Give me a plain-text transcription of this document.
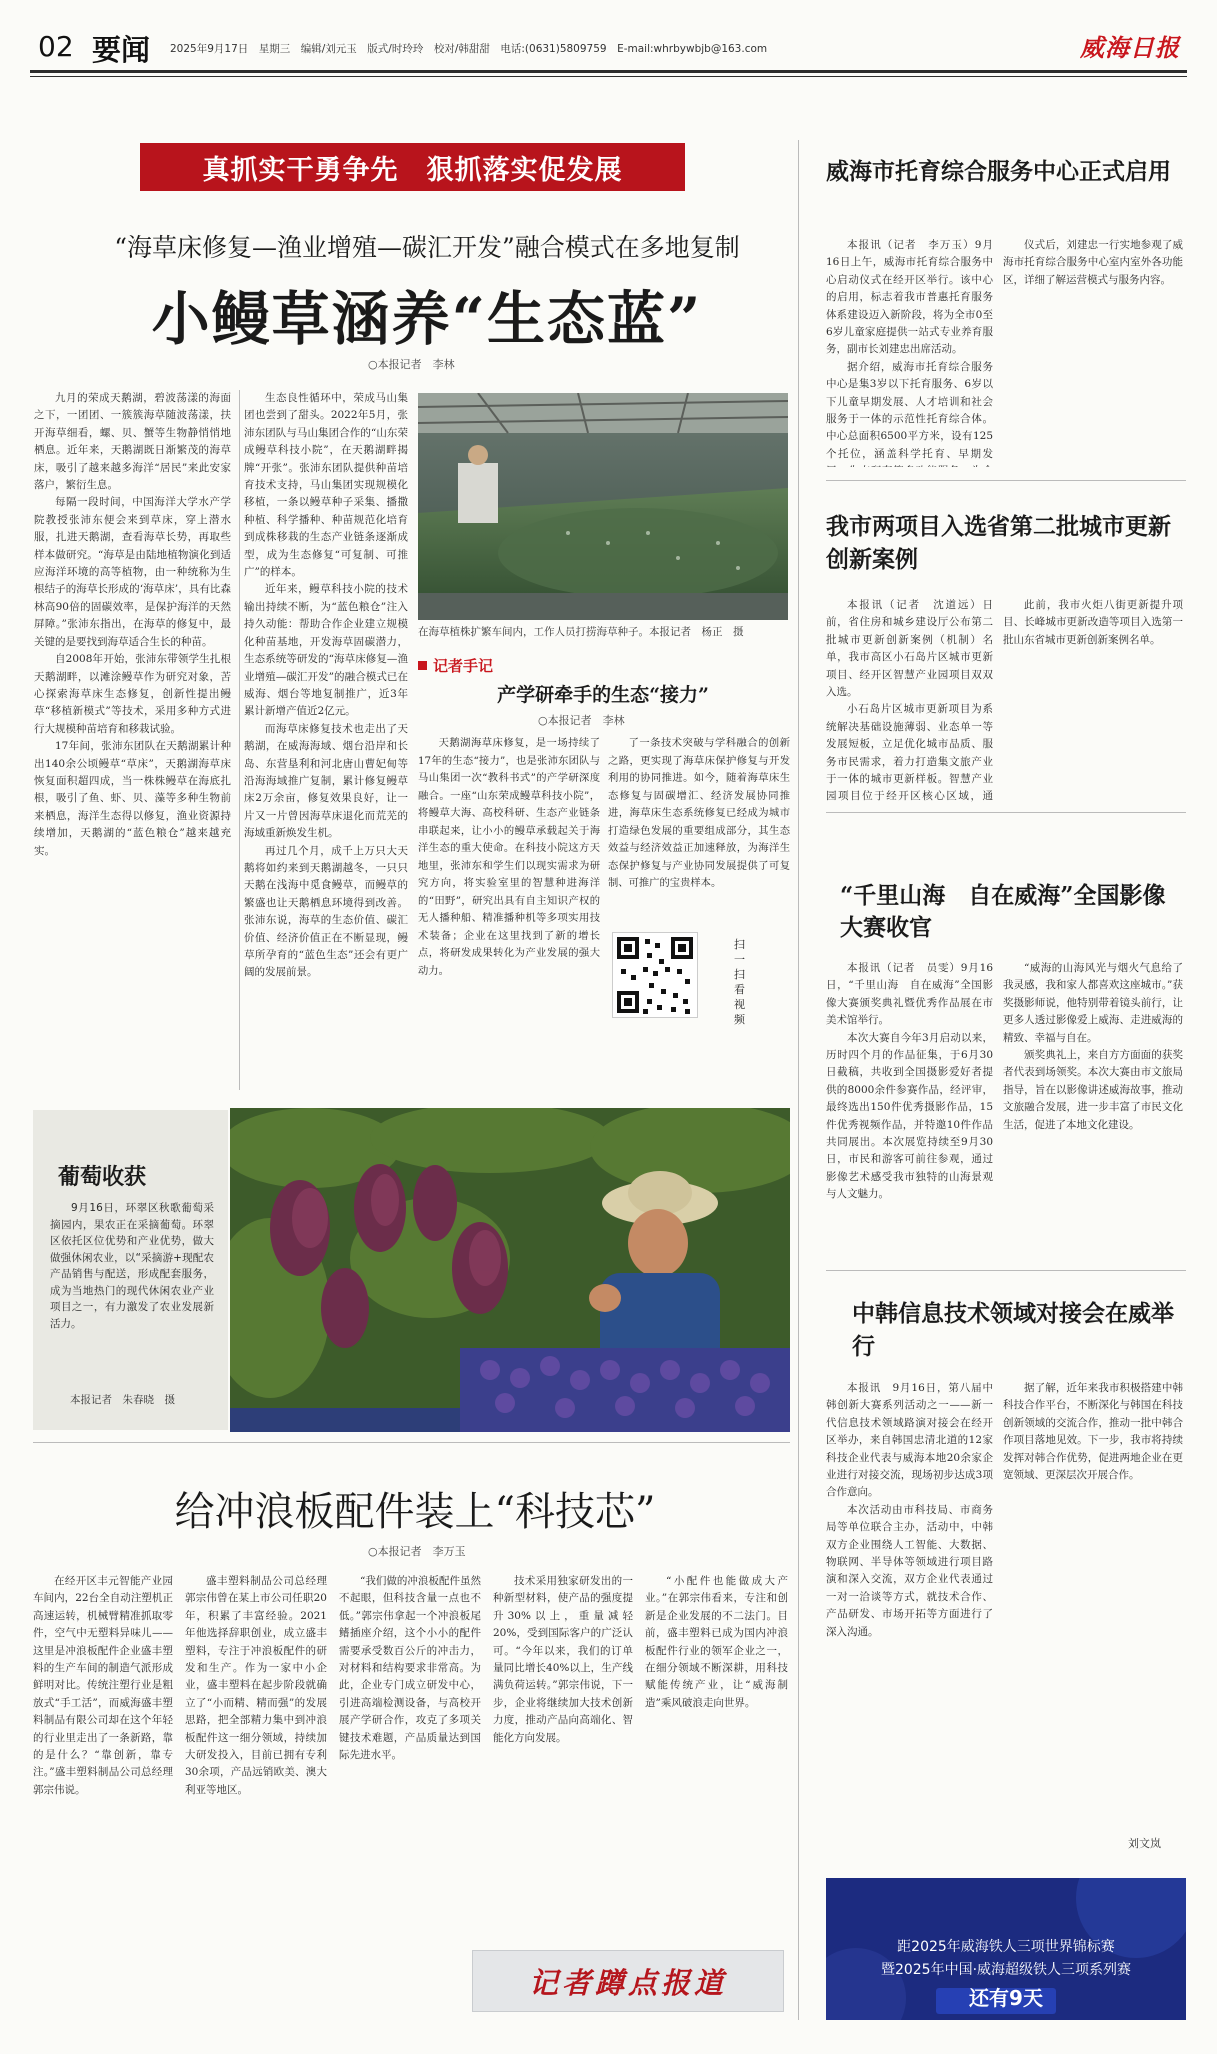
02 要闻 2025年9月17日　星期三　编辑/刘元玉　版式/时玲玲　校对/韩甜甜　电话:(0631)5809759　E-mail:whrbywbjb@163.com	威海日报
真抓实干勇争先　狠抓落实促发展
“海草床修复—渔业增殖—碳汇开发”融合模式在多地复制
小鳗草涵养“生态蓝”
○本报记者　李林

九月的荣成天鹅湖，碧波荡漾的海面之下，一团团、一簇簇海草随波荡漾，扶开海草细看，螺、贝、蟹等生物静悄悄地栖息。近年来，天鹅湖既日渐繁茂的海草床，吸引了越来越多海洋“居民”来此安家落户，繁衍生息。

每隔一段时间，中国海洋大学水产学院教授张沛东便会来到草床，穿上潜水服，扎进天鹅湖，查看海草长势，再取些样本做研究。“海草是由陆地植物演化到适应海洋环境的高等植物，由一种统称为生根结子的海草长形成的‘海草床’，具有比森林高90倍的固碳效率，是保护海洋的天然屏障。”张沛东指出，在海草的修复中，最关键的是要找到海草适合生长的种苗。

自2008年开始，张沛东带领学生扎根天鹅湖畔，以滩涂鳗草作为研究对象，苦心探索海草床生态修复，创新性提出鳗草“移植新模式”等技术，采用多种方式进行大规模种苗培育和移栽试验。

17年间，张沛东团队在天鹅湖累计种出140余公顷鳗草“草床”，天鹅湖海草床恢复面积超四成，当一株株鳗草在海底扎根，吸引了鱼、虾、贝、藻等多种生物前来栖息，海洋生态得以修复，渔业资源持续增加，天鹅湖的“蓝色粮仓”越来越充实。

生态良性循环中，荣成马山集团也尝到了甜头。2022年5月，张沛东团队与马山集团合作的“山东荣成鳗草科技小院”，在天鹅湖畔揭牌“开张”。张沛东团队提供种苗培育技术支持，马山集团实现规模化移植，一条以鳗草种子采集、播撒种植、科学播种、种苗规范化培育到成株移栽的生态产业链条逐渐成型，成为生态修复“可复制、可推广”的样本。

近年来，鳗草科技小院的技术输出持续不断，为“蓝色粮仓”注入持久动能：帮助合作企业建立规模化种苗基地，开发海草固碳潜力，生态系统等研发的“海草床修复—渔业增殖—碳汇开发”的融合模式已在威海、烟台等地复制推广，近3年累计新增产值近2亿元。

而海草床修复技术也走出了天鹅湖，在威海海域、烟台沿岸和长岛、东营垦利和河北唐山曹妃甸等沿海海域推广复制，累计修复鳗草床2万余亩，修复效果良好，让一片又一片曾因海草床退化而荒芜的海域重新焕发生机。

再过几个月，成千上万只大天鹅将如约来到天鹅湖越冬，一只只天鹅在浅海中觅食鳗草，而鳗草的繁盛也让天鹅栖息环境得到改善。张沛东说，海草的生态价值、碳汇价值、经济价值正在不断显现，鳗草所孕育的“蓝色生态”还会有更广阔的发展前景。

在海草植株扩繁车间内，工作人员打捞海草种子。本报记者　杨正　摄
记者手记
产学研牵手的生态“接力”
○本报记者　李林

天鹅湖海草床修复，是一场持续了17年的生态“接力”，也是张沛东团队与马山集团一次“教科书式”的产学研深度融合。一座“山东荣成鳗草科技小院”，将鳗草大海、高校科研、生态产业链条串联起来，让小小的鳗草承载起关于海洋生态的重大使命。在科技小院这方天地里，张沛东和学生们以现实需求为研究方向，将实验室里的智慧种进海洋的“田野”，研究出具有自主知识产权的无人播种船、精准播种机等多项实用技术装备；企业在这里找到了新的增长点，将研发成果转化为产业发展的强大动力。

了一条技术突破与学科融合的创新之路，更实现了海草床保护修复与开发利用的协同推进。如今，随着海草床生态修复与固碳增汇、经济发展协同推进，海草床生态系统修复已经成为城市打造绿色发展的重要组成部分，其生态效益与经济效益正加速释放，为海洋生态保护修复与产业协同发展提供了可复制、可推广的宝贵样本。

扫一扫看视频
葡萄收获

9月16日，环翠区秋歌葡萄采摘园内，果农正在采摘葡萄。环翠区依托区位优势和产业优势，做大做强休闲农业，以“采摘游+现配农产品销售与配送，形成配套服务，成为当地热门的现代休闲农业产业项目之一，有力激发了农业发展新活力。

本报记者　朱春晓　摄
给冲浪板配件装上“科技芯”
○本报记者　李万玉

在经开区丰元智能产业园车间内，22台全自动注塑机正高速运转，机械臂精准抓取零件，空气中无塑料异味儿——这里是冲浪板配件企业盛丰塑料的生产车间的制造气派形成鲜明对比。传统注塑行业是粗放式“手工活”，而威海盛丰塑料制品有限公司却在这个年轻的行业里走出了一条新路，靠的是什么？“靠创新，靠专注。”盛丰塑料制品公司总经理郭宗伟说。

盛丰塑料制品公司总经理郭宗伟曾在某上市公司任职20年，积累了丰富经验。2021年他选择辞职创业，成立盛丰塑料，专注于冲浪板配件的研发和生产。作为一家中小企业，盛丰塑料在起步阶段就确立了“小而精、精而强”的发展思路，把全部精力集中到冲浪板配件这一细分领域，持续加大研发投入，目前已拥有专利30余项，产品远销欧美、澳大利亚等地区。

“我们做的冲浪板配件虽然不起眼，但科技含量一点也不低。”郭宗伟拿起一个冲浪板尾鳍插座介绍，这个小小的配件需要承受数百公斤的冲击力，对材料和结构要求非常高。为此，企业专门成立研发中心，引进高端检测设备，与高校开展产学研合作，攻克了多项关键技术难题，产品质量达到国际先进水平。

技术采用独家研发出的一种新型材料，使产品的强度提升30%以上，重量减轻20%，受到国际客户的广泛认可。“今年以来，我们的订单量同比增长40%以上，生产线满负荷运转。”郭宗伟说，下一步，企业将继续加大技术创新力度，推动产品向高端化、智能化方向发展。

“小配件也能做成大产业。”在郭宗伟看来，专注和创新是企业发展的不二法门。目前，盛丰塑料已成为国内冲浪板配件行业的领军企业之一，在细分领域不断深耕，用科技赋能传统产业，让“威海制造”乘风破浪走向世界。

记者蹲点报道
威海市托育综合服务中心正式启用

本报讯（记者　李万玉）9月16日上午，威海市托育综合服务中心启动仪式在经开区举行。该中心的启用，标志着我市普惠托育服务体系建设迈入新阶段，将为全市0至6岁儿童家庭提供一站式专业养育服务，副市长刘建忠出席活动。

据介绍，威海市托育综合服务中心是集3岁以下托育服务、6岁以下儿童早期发展、人才培训和社会服务于一体的示范性托育综合体。中心总面积6500平方米，设有125个托位，涵盖科学托育、早期发

仪式后，刘建忠一行实地参观了威海市托育综合服务中心室内室外各功能区，详细了解运营模式与服务内容。

我市两项目入选省第二批城市更新创新案例

本报讯（记者　沈道远）日前，省住房和城乡建设厅公布第二批城市更新创新案例（机制）名单，我市高区小石岛片区城市更新项目、经开区智慧产业园项目双双入选。

小石岛片区城市更新项目为系统解决基础设施薄弱、业态单一等发展短板，立足优化城市品质、服务市民需求，着力打造集文旅产业于一体的城市更新样板。智慧产业园项目位于经开区核心区域，通

此前，我市火炬八街更新提升项目、长峰城市更新改造等项目入选第一批山东省城市更新创新案例名单。

“千里山海　自在威海”全国影像大赛收官

本报讯（记者　员雯）9月16日，“千里山海　自在威海”全国影像大赛颁奖典礼暨优秀作品展在市美术馆举行。

本次大赛自今年3月启动以来，历时四个月的作品征集，于6月30日截稿，共收到全国摄影爱好者提供的8000余件参赛作品，经评审，最终选出150件优秀摄影作品，15件优秀视频作品，并特邀10件作品共同展出。本次展览持续至9月30日，市民和游客可前往参观，通过影像艺术感受我市独特的山海景观与人文魅力。

“威海的山海风光与烟火气息给了我灵感，我和家人都喜欢这座城市。”获奖摄影师说，他特别带着镜头前行，让更多人透过影像爱上威海、走进威海的精致、幸福与自在。

颁奖典礼上，来自方方面面的获奖者代表到场领奖。本次大赛由市文旅局指导，旨在以影像讲述威海故事，推动文旅融合发展，进一步丰富了市民文化生活，促进了本地文化建设。

中韩信息技术领域对接会在威举行

本报讯　9月16日，第八届中韩创新大赛系列活动之一——新一代信息技术领域路演对接会在经开区举办，来自韩国忠清北道的12家科技企业代表与威海本地20余家企业进行对接交流，现场初步达成3项合作意向。

本次活动由市科技局、市商务局等单位联合主办，活动中，中韩双方企业围绕人工智能、大数据、物联网、半导体等领域进行项目路演和深入交流，双方企业代表通过一对一洽谈等方式，就技术合作、产品研发、市场开拓等方面进行了深入沟通。

据了解，近年来我市积极搭建中韩科技合作平台，不断深化与韩国在科技创新领域的交流合作，推动一批中韩合作项目落地见效。下一步，我市将持续发挥对韩合作优势，促进两地企业在更宽领域、更深层次开展合作。

刘文岚
距2025年威海铁人三项世界锦标赛
暨2025年中国·威海超级铁人三项系列赛
还有9天
